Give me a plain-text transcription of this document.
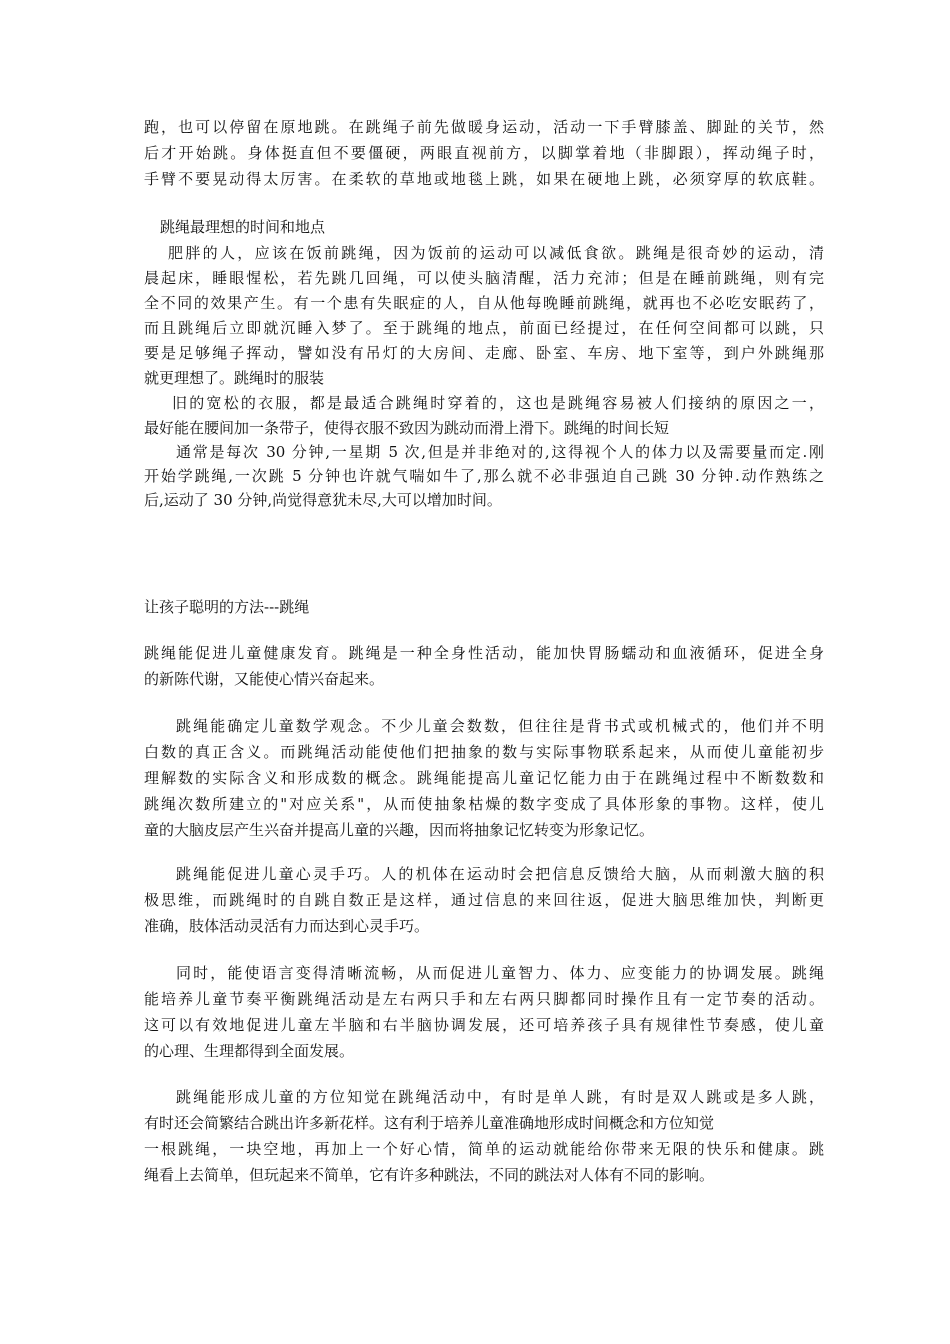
跑，也可以停留在原地跳。在跳绳子前先做暖身运动，活动一下手臂膝盖、脚趾的关节，然

后才开始跳。身体挺直但不要僵硬，两眼直视前方，以脚掌着地（非脚跟），挥动绳子时，

手臂不要晃动得太厉害。在柔软的草地或地毯上跳，如果在硬地上跳，必须穿厚的软底鞋。

跳绳最理想的时间和地点

肥胖的人，应该在饭前跳绳，因为饭前的运动可以减低食欲。跳绳是很奇妙的运动，清

晨起床，睡眼惺松，若先跳几回绳，可以使头脑清醒，活力充沛；但是在睡前跳绳，则有完

全不同的效果产生。有一个患有失眠症的人，自从他每晚睡前跳绳，就再也不必吃安眠药了，

而且跳绳后立即就沉睡入梦了。至于跳绳的地点，前面已经提过，在任何空间都可以跳，只

要是足够绳子挥动，譬如没有吊灯的大房间、走廊、卧室、车房、地下室等，到户外跳绳那

就更理想了。跳绳时的服装

旧的宽松的衣服，都是最适合跳绳时穿着的，这也是跳绳容易被人们接纳的原因之一，

最好能在腰间加一条带子，使得衣服不致因为跳动而滑上滑下。跳绳的时间长短

通常是每次 30 分钟,一星期 5 次,但是并非绝对的,这得视个人的体力以及需要量而定.刚

开始学跳绳,一次跳 5 分钟也许就气喘如牛了,那么就不必非强迫自己跳 30 分钟.动作熟练之

后,运动了 30 分钟,尚觉得意犹未尽,大可以增加时间。

让孩子聪明的方法---跳绳

跳绳能促进儿童健康发育。跳绳是一种全身性活动，能加快胃肠蠕动和血液循环，促进全身

的新陈代谢，又能使心情兴奋起来。

跳绳能确定儿童数学观念。不少儿童会数数，但往往是背书式或机械式的，他们并不明

白数的真正含义。而跳绳活动能使他们把抽象的数与实际事物联系起来，从而使儿童能初步

理解数的实际含义和形成数的概念。跳绳能提高儿童记忆能力由于在跳绳过程中不断数数和

跳绳次数所建立的"对应关系"，从而使抽象枯燥的数字变成了具体形象的事物。这样，使儿

童的大脑皮层产生兴奋并提高儿童的兴趣，因而将抽象记忆转变为形象记忆。

跳绳能促进儿童心灵手巧。人的机体在运动时会把信息反馈给大脑，从而刺激大脑的积

极思维，而跳绳时的自跳自数正是这样，通过信息的来回往返，促进大脑思维加快，判断更

准确，肢体活动灵活有力而达到心灵手巧。

同时，能使语言变得清晰流畅，从而促进儿童智力、体力、应变能力的协调发展。跳绳

能培养儿童节奏平衡跳绳活动是左右两只手和左右两只脚都同时操作且有一定节奏的活动。

这可以有效地促进儿童左半脑和右半脑协调发展，还可培养孩子具有规律性节奏感，使儿童

的心理、生理都得到全面发展。

跳绳能形成儿童的方位知觉在跳绳活动中，有时是单人跳，有时是双人跳或是多人跳，

有时还会简繁结合跳出许多新花样。这有利于培养儿童准确地形成时间概念和方位知觉

一根跳绳，一块空地，再加上一个好心情，简单的运动就能给你带来无限的快乐和健康。跳

绳看上去简单，但玩起来不简单，它有许多种跳法，不同的跳法对人体有不同的影响。
